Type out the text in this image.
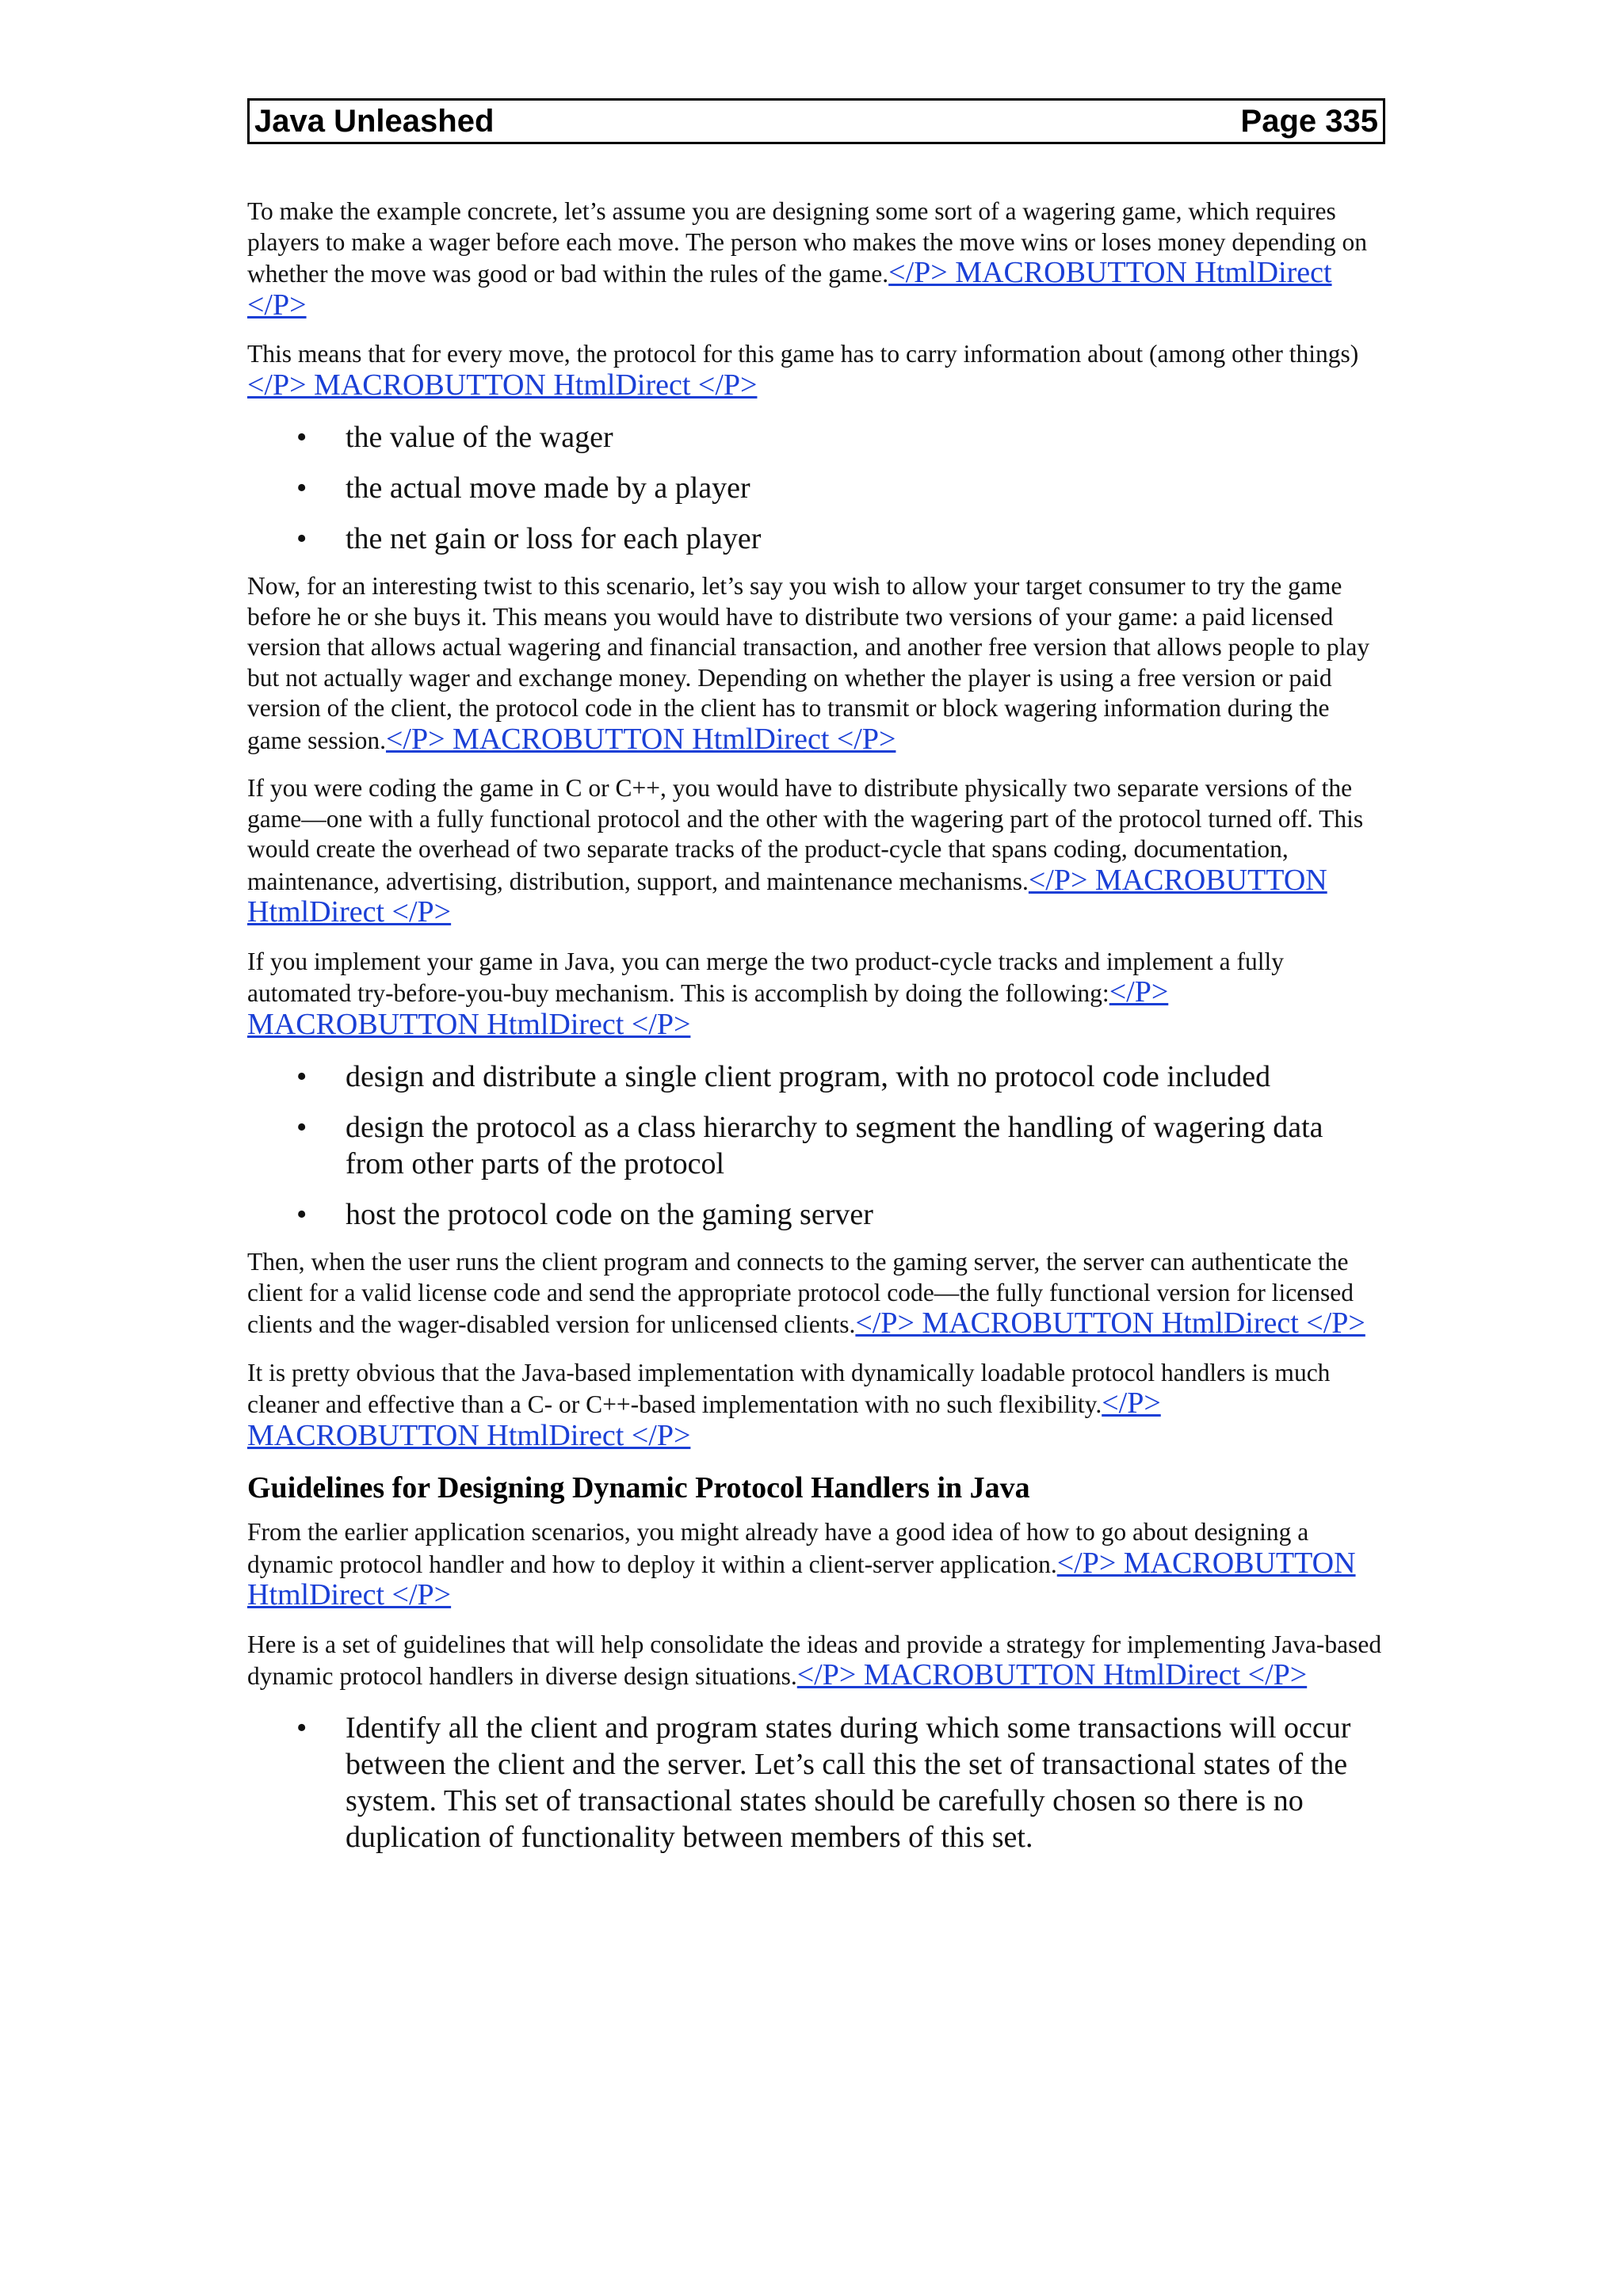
Java Unleashed	Page 335

To make the example concrete, let’s assume you are designing some sort of a wagering game, which requires players to make a wager before each move. The person who makes the move wins or loses money depending on whether the move was good or bad within the rules of the game.</P> MACROBUTTON HtmlDirect </P>

This means that for every move, the protocol for this game has to carry information about (among other things)</P> MACROBUTTON HtmlDirect </P>

• the value of the wager
• the actual move made by a player
• the net gain or loss for each player

Now, for an interesting twist to this scenario, let’s say you wish to allow your target consumer to try the game before he or she buys it. This means you would have to distribute two versions of your game: a paid licensed version that allows actual wagering and financial transaction, and another free version that allows people to play but not actually wager and exchange money. Depending on whether the player is using a free version or paid version of the client, the protocol code in the client has to transmit or block wagering information during the game session.</P> MACROBUTTON HtmlDirect </P>

If you were coding the game in C or C++, you would have to distribute physically two separate versions of the game—one with a fully functional protocol and the other with the wagering part of the protocol turned off. This would create the overhead of two separate tracks of the product-cycle that spans coding, documentation, maintenance, advertising, distribution, support, and maintenance mechanisms.</P> MACROBUTTON HtmlDirect </P>

If you implement your game in Java, you can merge the two product-cycle tracks and implement a fully automated try-before-you-buy mechanism. This is accomplish by doing the following:</P> MACROBUTTON HtmlDirect </P>

• design and distribute a single client program, with no protocol code included
• design the protocol as a class hierarchy to segment the handling of wagering data from other parts of the protocol
• host the protocol code on the gaming server

Then, when the user runs the client program and connects to the gaming server, the server can authenticate the client for a valid license code and send the appropriate protocol code—the fully functional version for licensed clients and the wager-disabled version for unlicensed clients.</P> MACROBUTTON HtmlDirect </P>

It is pretty obvious that the Java-based implementation with dynamically loadable protocol handlers is much cleaner and effective than a C- or C++-based implementation with no such flexibility.</P> MACROBUTTON HtmlDirect </P>

Guidelines for Designing Dynamic Protocol Handlers in Java

From the earlier application scenarios, you might already have a good idea of how to go about designing a dynamic protocol handler and how to deploy it within a client-server application.</P> MACROBUTTON HtmlDirect </P>

Here is a set of guidelines that will help consolidate the ideas and provide a strategy for implementing Java-based dynamic protocol handlers in diverse design situations.</P> MACROBUTTON HtmlDirect </P>

• Identify all the client and program states during which some transactions will occur between the client and the server. Let’s call this the set of transactional states of the system. This set of transactional states should be carefully chosen so there is no duplication of functionality between members of this set.
